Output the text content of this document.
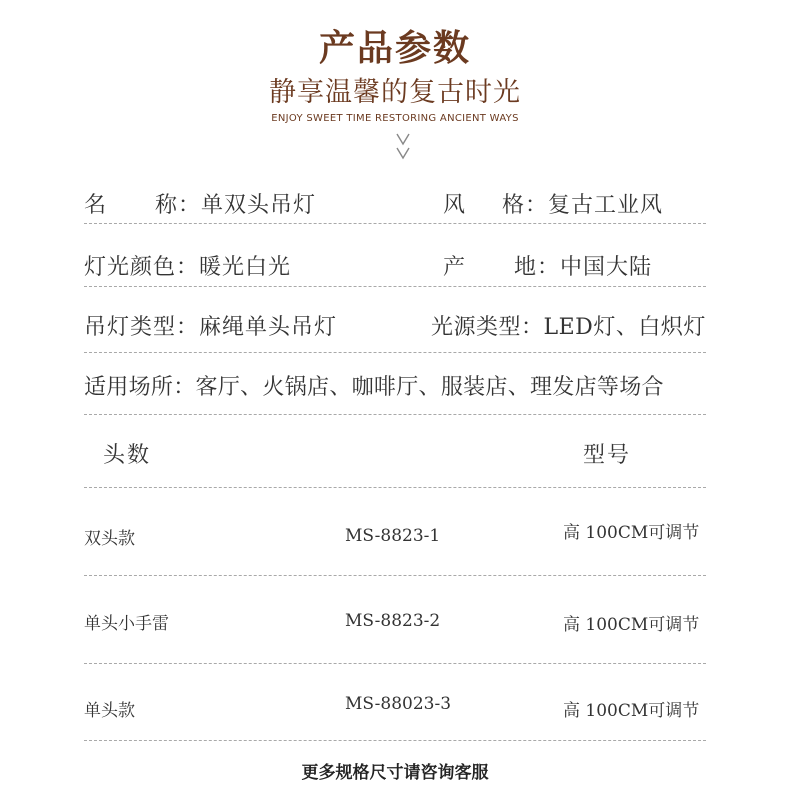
产品参数
静享温馨的复古时光
ENJOY SWEET TIME RESTORING ANCIENT WAYS
名 称：单双头吊灯	风 格：复古工业风
灯光颜色：暖光白光	产 地：中国大陆
吊灯类型：麻绳单头吊灯	光源类型：LED灯、白炽灯
适用场所：客厅、火锅店、咖啡厅、服装店、理发店等场合
头数	型号
双头款	MS-8823-1	高 100CM可调节
单头小手雷	MS-8823-2	高 100CM可调节
单头款	MS-88023-3	高 100CM可调节
更多规格尺寸请咨询客服
